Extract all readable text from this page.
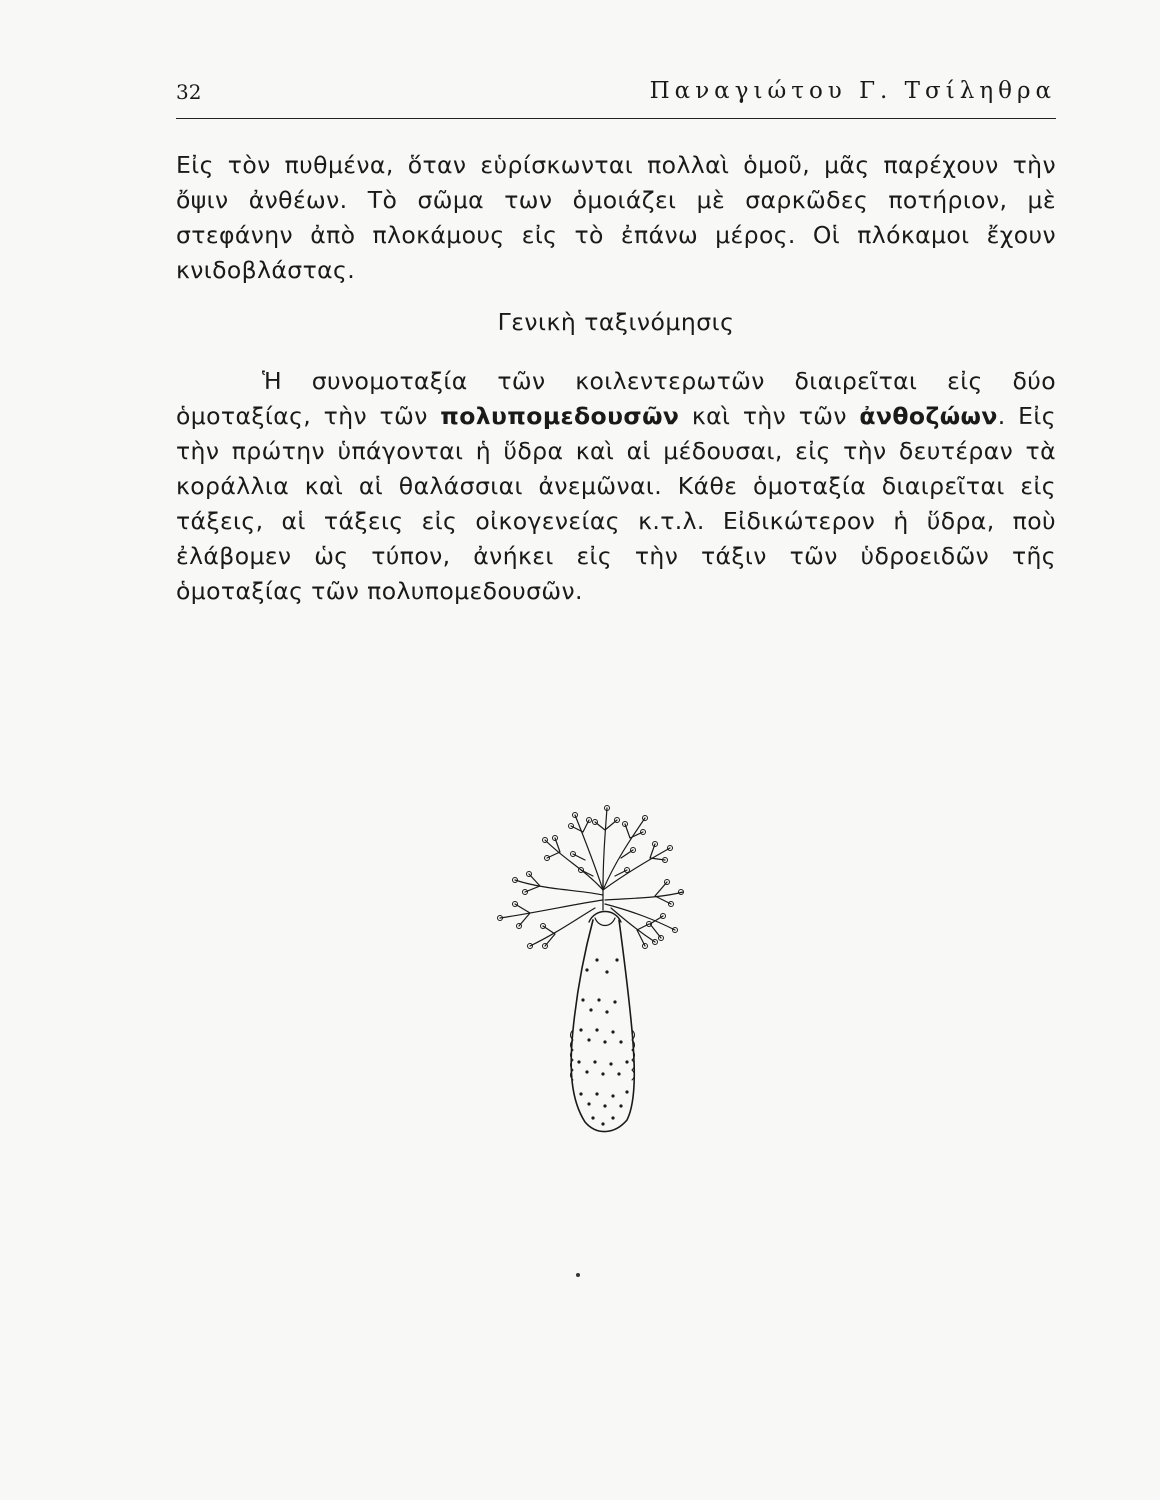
32	Παναγιώτου Γ. Τσίληθρα

Εἰς τὸν πυθμένα, ὅταν εὑρίσκωνται πολλαὶ ὁμοῦ, μᾶς παρέχουν τὴν ὄψιν ἀνθέων. Τὸ σῶμα των ὁμοιάζει μὲ σαρκῶδες ποτήριον, μὲ στεφάνην ἀπὸ πλοκάμους εἰς τὸ ἐπάνω μέρος. Οἱ πλόκαμοι ἔχουν κνιδοβλάστας.

Γενικὴ ταξινόμησις

Ἡ συνομοταξία τῶν κοιλεντερωτῶν διαιρεῖται εἰς δύο ὁμοταξίας, τὴν τῶν πολυπομεδουσῶν καὶ τὴν τῶν ἀνθοζώων. Εἰς τὴν πρώτην ὑπάγονται ἡ ὕδρα καὶ αἱ μέδουσαι, εἰς τὴν δευτέραν τὰ κοράλλια καὶ αἱ θαλάσσιαι ἀνεμῶναι. Κάθε ὁμοταξία διαιρεῖται εἰς τάξεις, αἱ τάξεις εἰς οἰκογενείας κ.τ.λ. Εἰδικώτερον ἡ ὕδρα, ποὺ ἐλάβομεν ὡς τύπον, ἀνήκει εἰς τὴν τάξιν τῶν ὑδροειδῶν τῆς ὁμοταξίας τῶν πολυπομεδουσῶν.
